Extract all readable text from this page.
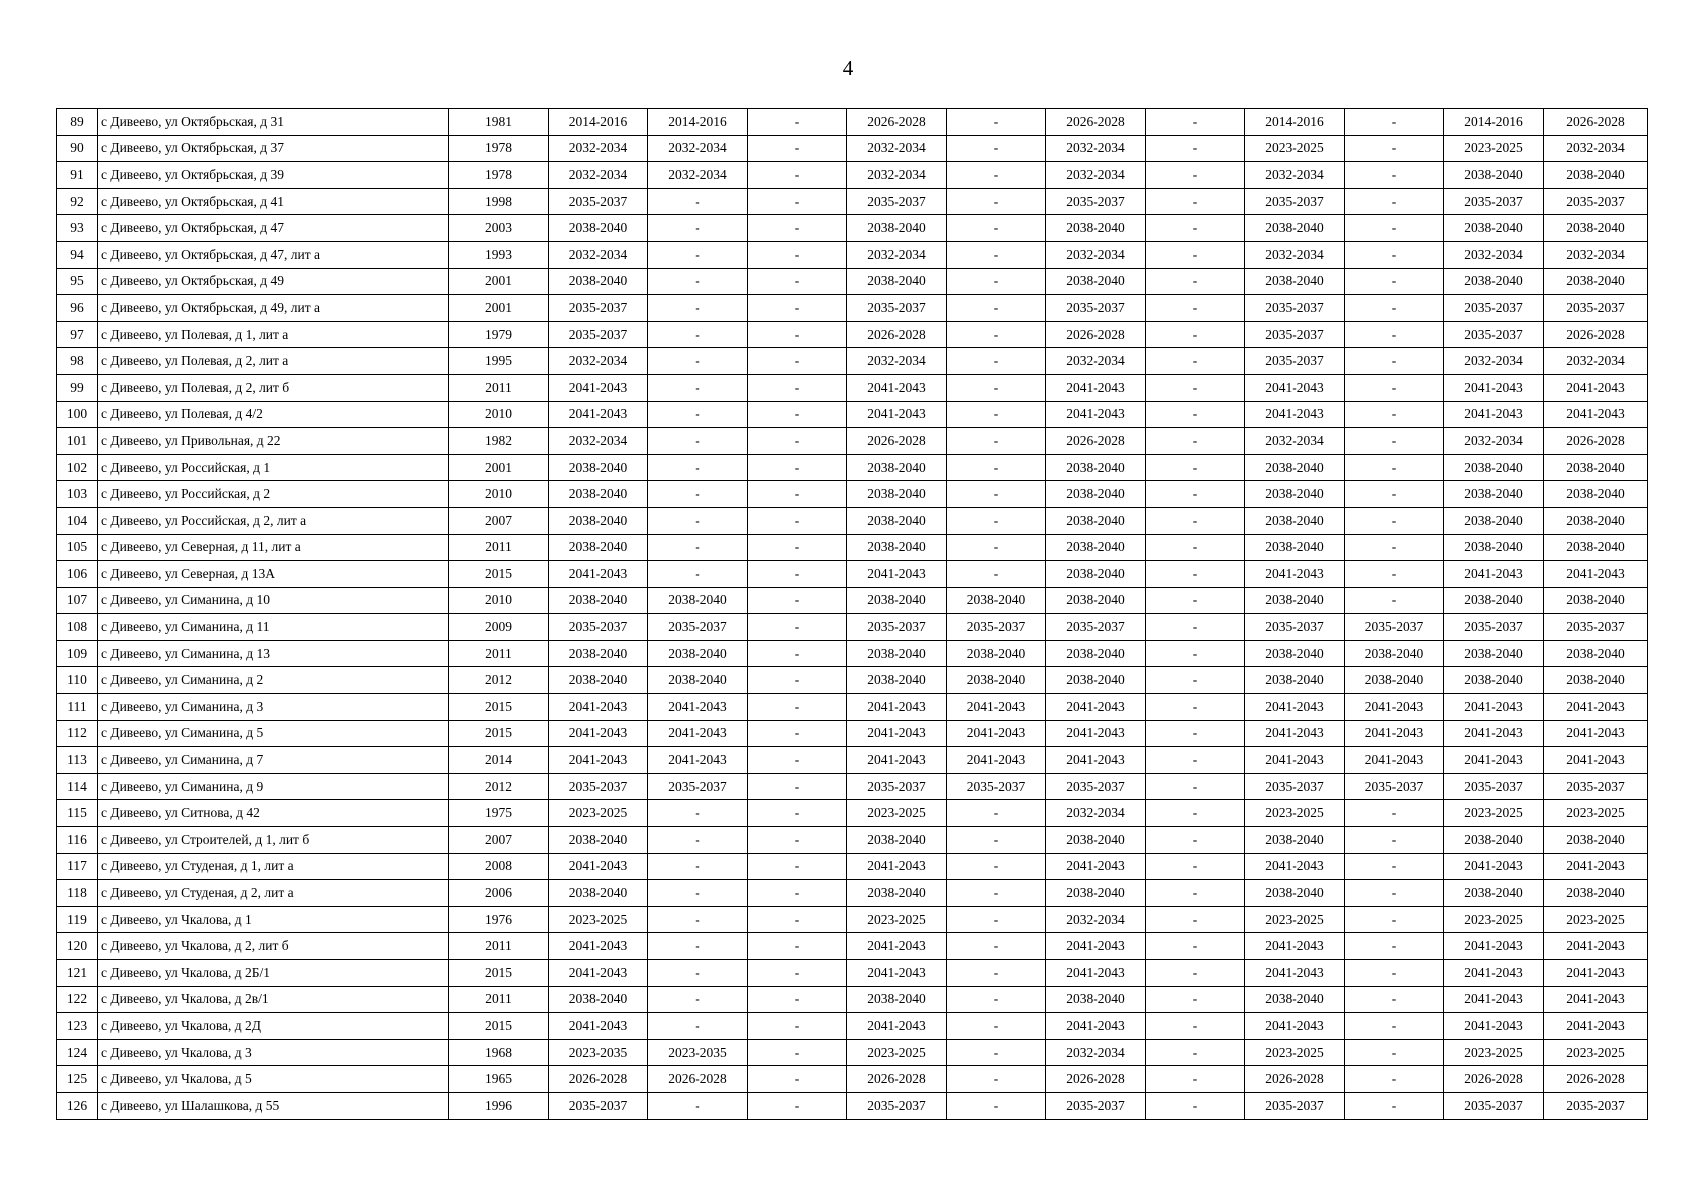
4
89	с Дивеево, ул Октябрьская, д 31	1981	2014-2016	2014-2016	-	2026-2028	-	2026-2028	-	2014-2016	-	2014-2016	2026-2028
90	с Дивеево, ул Октябрьская, д 37	1978	2032-2034	2032-2034	-	2032-2034	-	2032-2034	-	2023-2025	-	2023-2025	2032-2034
91	с Дивеево, ул Октябрьская, д 39	1978	2032-2034	2032-2034	-	2032-2034	-	2032-2034	-	2032-2034	-	2038-2040	2038-2040
92	с Дивеево, ул Октябрьская, д 41	1998	2035-2037	-	-	2035-2037	-	2035-2037	-	2035-2037	-	2035-2037	2035-2037
93	с Дивеево, ул Октябрьская, д 47	2003	2038-2040	-	-	2038-2040	-	2038-2040	-	2038-2040	-	2038-2040	2038-2040
94	с Дивеево, ул Октябрьская, д 47, лит а	1993	2032-2034	-	-	2032-2034	-	2032-2034	-	2032-2034	-	2032-2034	2032-2034
95	с Дивеево, ул Октябрьская, д 49	2001	2038-2040	-	-	2038-2040	-	2038-2040	-	2038-2040	-	2038-2040	2038-2040
96	с Дивеево, ул Октябрьская, д 49, лит а	2001	2035-2037	-	-	2035-2037	-	2035-2037	-	2035-2037	-	2035-2037	2035-2037
97	с Дивеево, ул Полевая, д 1, лит а	1979	2035-2037	-	-	2026-2028	-	2026-2028	-	2035-2037	-	2035-2037	2026-2028
98	с Дивеево, ул Полевая, д 2, лит а	1995	2032-2034	-	-	2032-2034	-	2032-2034	-	2035-2037	-	2032-2034	2032-2034
99	с Дивеево, ул Полевая, д 2, лит б	2011	2041-2043	-	-	2041-2043	-	2041-2043	-	2041-2043	-	2041-2043	2041-2043
100	с Дивеево, ул Полевая, д 4/2	2010	2041-2043	-	-	2041-2043	-	2041-2043	-	2041-2043	-	2041-2043	2041-2043
101	с Дивеево, ул Привольная, д 22	1982	2032-2034	-	-	2026-2028	-	2026-2028	-	2032-2034	-	2032-2034	2026-2028
102	с Дивеево, ул Российская, д 1	2001	2038-2040	-	-	2038-2040	-	2038-2040	-	2038-2040	-	2038-2040	2038-2040
103	с Дивеево, ул Российская, д 2	2010	2038-2040	-	-	2038-2040	-	2038-2040	-	2038-2040	-	2038-2040	2038-2040
104	с Дивеево, ул Российская, д 2, лит а	2007	2038-2040	-	-	2038-2040	-	2038-2040	-	2038-2040	-	2038-2040	2038-2040
105	с Дивеево, ул Северная, д 11, лит а	2011	2038-2040	-	-	2038-2040	-	2038-2040	-	2038-2040	-	2038-2040	2038-2040
106	с Дивеево, ул Северная, д 13А	2015	2041-2043	-	-	2041-2043	-	2038-2040	-	2041-2043	-	2041-2043	2041-2043
107	с Дивеево, ул Симанина, д 10	2010	2038-2040	2038-2040	-	2038-2040	2038-2040	2038-2040	-	2038-2040	-	2038-2040	2038-2040
108	с Дивеево, ул Симанина, д 11	2009	2035-2037	2035-2037	-	2035-2037	2035-2037	2035-2037	-	2035-2037	2035-2037	2035-2037	2035-2037
109	с Дивеево, ул Симанина, д 13	2011	2038-2040	2038-2040	-	2038-2040	2038-2040	2038-2040	-	2038-2040	2038-2040	2038-2040	2038-2040
110	с Дивеево, ул Симанина, д 2	2012	2038-2040	2038-2040	-	2038-2040	2038-2040	2038-2040	-	2038-2040	2038-2040	2038-2040	2038-2040
111	с Дивеево, ул Симанина, д 3	2015	2041-2043	2041-2043	-	2041-2043	2041-2043	2041-2043	-	2041-2043	2041-2043	2041-2043	2041-2043
112	с Дивеево, ул Симанина, д 5	2015	2041-2043	2041-2043	-	2041-2043	2041-2043	2041-2043	-	2041-2043	2041-2043	2041-2043	2041-2043
113	с Дивеево, ул Симанина, д 7	2014	2041-2043	2041-2043	-	2041-2043	2041-2043	2041-2043	-	2041-2043	2041-2043	2041-2043	2041-2043
114	с Дивеево, ул Симанина, д 9	2012	2035-2037	2035-2037	-	2035-2037	2035-2037	2035-2037	-	2035-2037	2035-2037	2035-2037	2035-2037
115	с Дивеево, ул Ситнова, д 42	1975	2023-2025	-	-	2023-2025	-	2032-2034	-	2023-2025	-	2023-2025	2023-2025
116	с Дивеево, ул Строителей, д 1, лит б	2007	2038-2040	-	-	2038-2040	-	2038-2040	-	2038-2040	-	2038-2040	2038-2040
117	с Дивеево, ул Студеная, д 1, лит а	2008	2041-2043	-	-	2041-2043	-	2041-2043	-	2041-2043	-	2041-2043	2041-2043
118	с Дивеево, ул Студеная, д 2, лит а	2006	2038-2040	-	-	2038-2040	-	2038-2040	-	2038-2040	-	2038-2040	2038-2040
119	с Дивеево, ул Чкалова, д 1	1976	2023-2025	-	-	2023-2025	-	2032-2034	-	2023-2025	-	2023-2025	2023-2025
120	с Дивеево, ул Чкалова, д 2, лит б	2011	2041-2043	-	-	2041-2043	-	2041-2043	-	2041-2043	-	2041-2043	2041-2043
121	с Дивеево, ул Чкалова, д 2Б/1	2015	2041-2043	-	-	2041-2043	-	2041-2043	-	2041-2043	-	2041-2043	2041-2043
122	с Дивеево, ул Чкалова, д 2в/1	2011	2038-2040	-	-	2038-2040	-	2038-2040	-	2038-2040	-	2041-2043	2041-2043
123	с Дивеево, ул Чкалова, д 2Д	2015	2041-2043	-	-	2041-2043	-	2041-2043	-	2041-2043	-	2041-2043	2041-2043
124	с Дивеево, ул Чкалова, д 3	1968	2023-2035	2023-2035	-	2023-2025	-	2032-2034	-	2023-2025	-	2023-2025	2023-2025
125	с Дивеево, ул Чкалова, д 5	1965	2026-2028	2026-2028	-	2026-2028	-	2026-2028	-	2026-2028	-	2026-2028	2026-2028
126	с Дивеево, ул Шалашкова, д 55	1996	2035-2037	-	-	2035-2037	-	2035-2037	-	2035-2037	-	2035-2037	2035-2037
